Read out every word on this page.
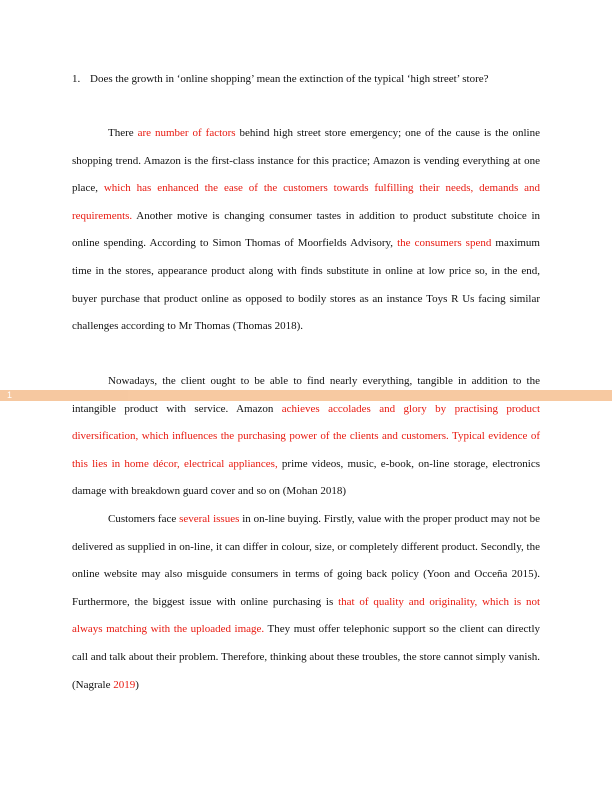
1. Does the growth in ‘online shopping’ mean the extinction of the typical ‘high street’ store?

There are number of factors behind high street store emergency; one of the cause is the online shopping trend. Amazon is the first-class instance for this practice; Amazon is vending everything at one place, which has enhanced the ease of the customers towards fulfilling their needs, demands and requirements. Another motive is changing consumer tastes in addition to product substitute choice in online spending. According to Simon Thomas of Moorfields Advisory, the consumers spend maximum time in the stores, appearance product along with finds substitute in online at low price so, in the end, buyer purchase that product online as opposed to bodily stores as an instance Toys R Us facing similar challenges according to Mr Thomas (Thomas 2018).

1

Nowadays, the client ought to be able to find nearly everything, tangible in addition to the intangible product with service. Amazon achieves accolades and glory by practising product diversification, which influences the purchasing power of the clients and customers. Typical evidence of this lies in home décor, electrical appliances, prime videos, music, e-book, on-line storage, electronics damage with breakdown guard cover and so on (Mohan 2018)

Customers face several issues in on-line buying. Firstly, value with the proper product may not be delivered as supplied in on-line, it can differ in colour, size, or completely different product. Secondly, the online website may also misguide consumers in terms of going back policy (Yoon and Occeña 2015). Furthermore, the biggest issue with online purchasing is that of quality and originality, which is not always matching with the uploaded image. They must offer telephonic support so the client can directly call and talk about their problem. Therefore, thinking about these troubles, the store cannot simply vanish. (Nagrale 2019)
